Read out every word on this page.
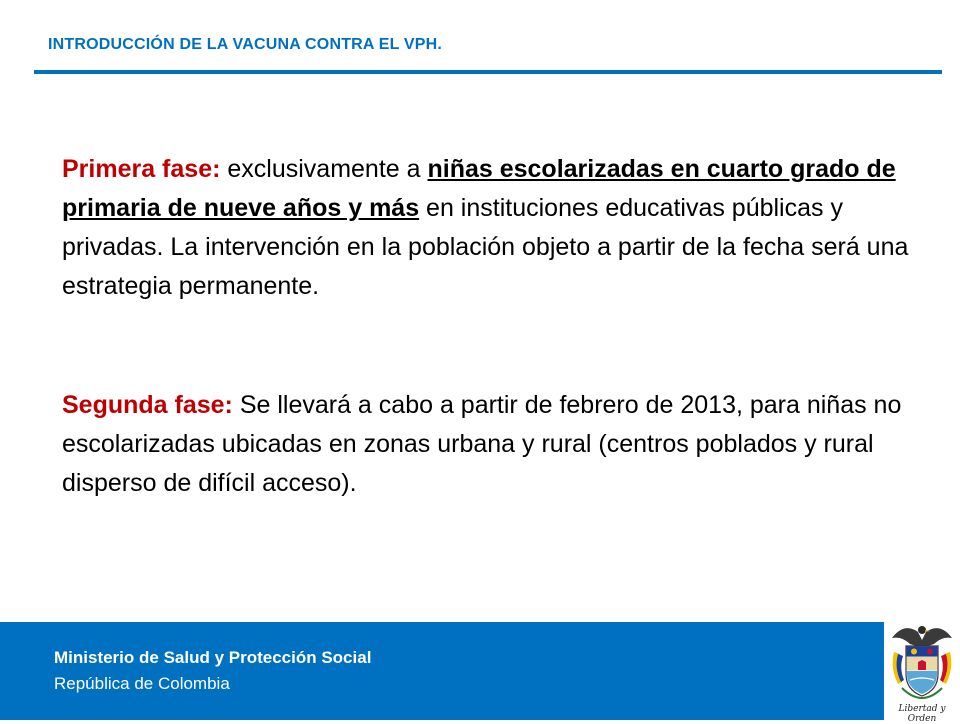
INTRODUCCIÓN DE LA VACUNA CONTRA EL VPH.

Primera fase: exclusivamente a niñas escolarizadas en cuarto grado de primaria de nueve años y más en instituciones educativas públicas y privadas. La intervención en la población objeto a partir de la fecha será una estrategia permanente.

Segunda fase: Se llevará a cabo a partir de febrero de 2013, para niñas no escolarizadas ubicadas en zonas urbana y rural (centros poblados y rural disperso de difícil acceso).

Ministerio de Salud y Protección Social
República de Colombia
Libertad y Orden
